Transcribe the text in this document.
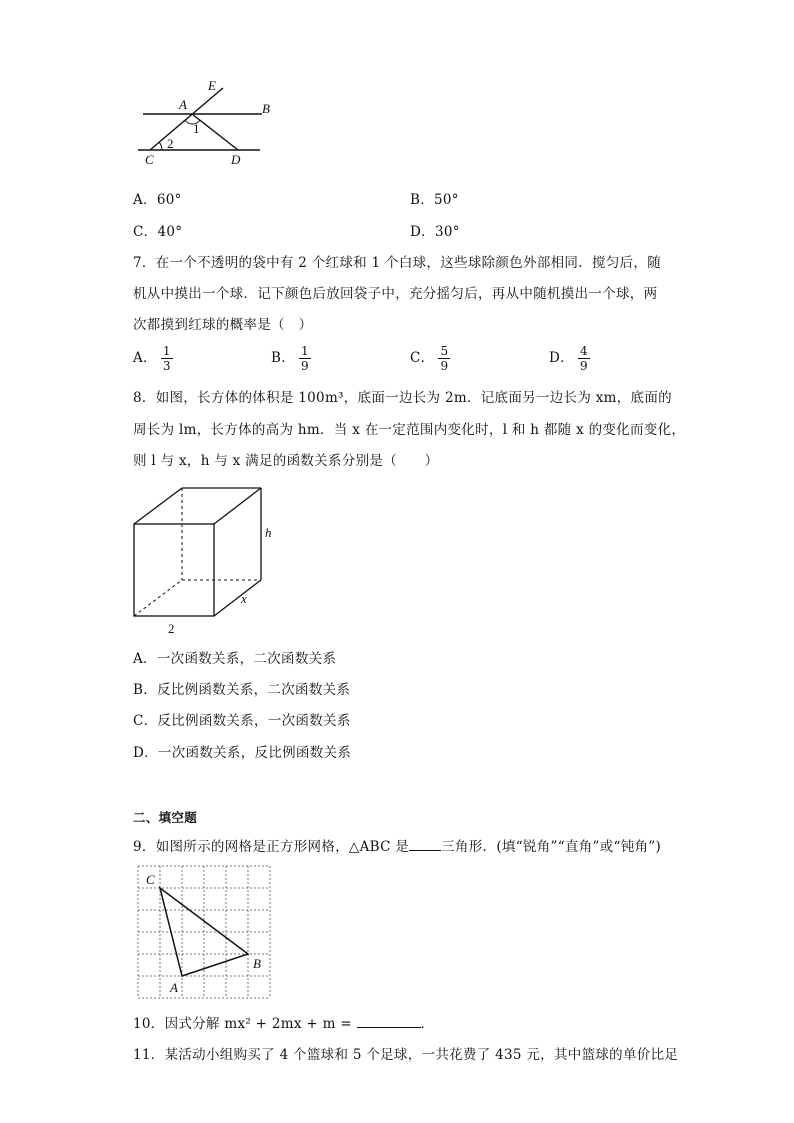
E
A	B
1
2
C	D
A．60°	B．50°
C．40°	D．30°
7．在一个不透明的袋中有 2 个红球和 1 个白球，这些球除颜色外部相同．搅匀后，随
机从中摸出一个球．记下颜色后放回袋子中，充分摇匀后，再从中随机摸出一个球，两
次都摸到红球的概率是（　）
A． $\frac{1}{3}$	B． $\frac{1}{9}$	C． $\frac{5}{9}$	D． $\frac{4}{9}$
8．如图，长方体的体积是 100m³，底面一边长为 2m．记底面另一边长为 xm，底面的
周长为 lm，长方体的高为 hm．当 x 在一定范围内变化时，l 和 h 都随 x 的变化而变化，
则 l 与 x，h 与 x 满足的函数关系分别是（　　）
h
x
2
A．一次函数关系，二次函数关系
B．反比例函数关系，二次函数关系
C．反比例函数关系，一次函数关系
D．一次函数关系，反比例函数关系
二、填空题
9．如图所示的网格是正方形网格，△ABC 是 三角形．(填“锐角”“直角”或“钝角”)
C
B
A
10．因式分解 mx² + 2mx + m =	．
11．某活动小组购买了 4 个篮球和 5 个足球，一共花费了 435 元，其中篮球的单价比足
